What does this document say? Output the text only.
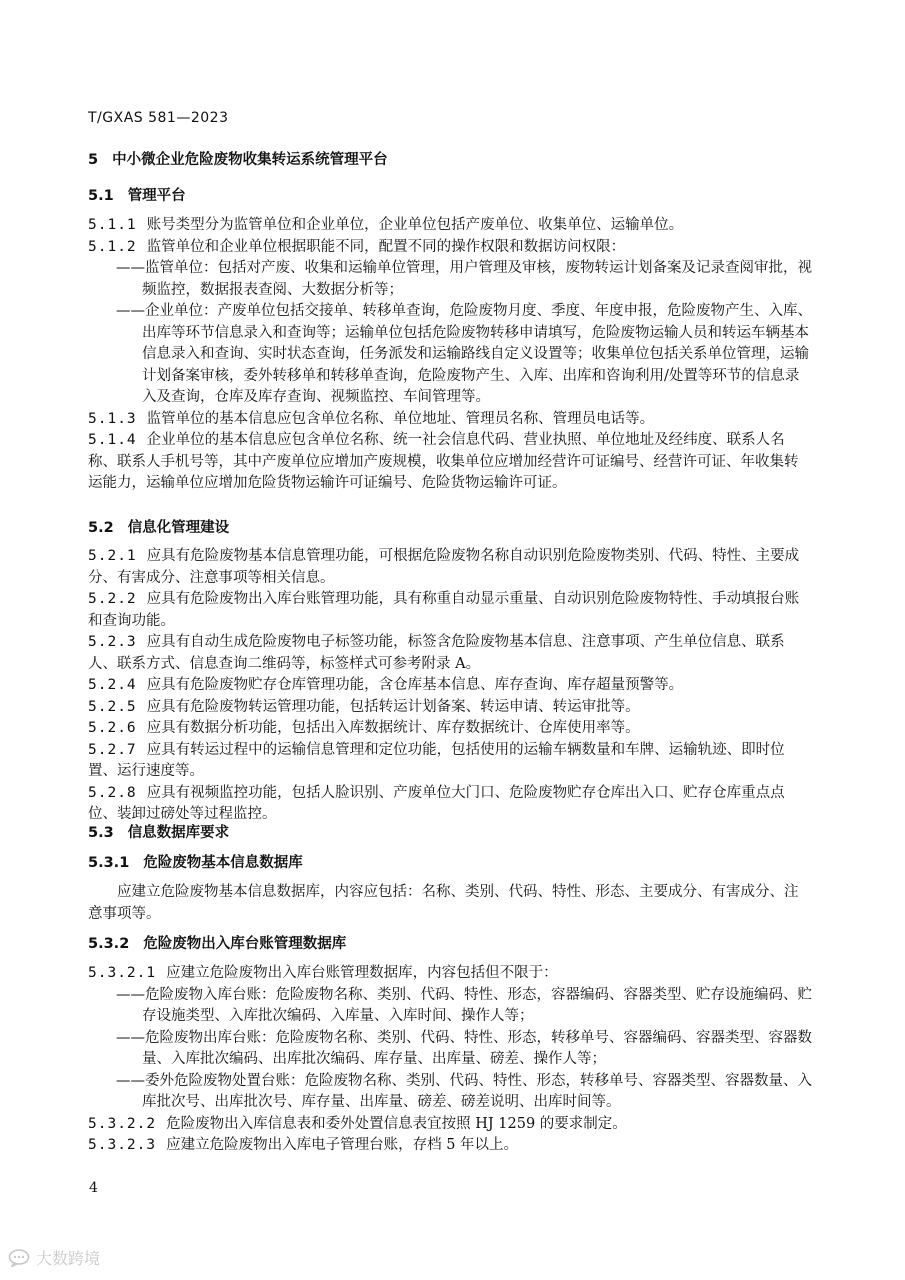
T/GXAS 581—2023
5 中小微企业危险废物收集转运系统管理平台
5.1 管理平台

5.1.1 账号类型分为监管单位和企业单位，企业单位包括产废单位、收集单位、运输单位。

5.1.2 监管单位和企业单位根据职能不同，配置不同的操作权限和数据访问权限：

——监管单位：包括对产废、收集和运输单位管理，用户管理及审核，废物转运计划备案及记录查阅审批，视频监控，数据报表查阅、大数据分析等；

——企业单位：产废单位包括交接单、转移单查询，危险废物月度、季度、年度申报，危险废物产生、入库、出库等环节信息录入和查询等；运输单位包括危险废物转移申请填写，危险废物运输人员和转运车辆基本信息录入和查询、实时状态查询，任务派发和运输路线自定义设置等；收集单位包括关系单位管理，运输计划备案审核，委外转移单和转移单查询，危险废物产生、入库、出库和咨询利用/处置等环节的信息录入及查询，仓库及库存查询、视频监控、车间管理等。

5.1.3 监管单位的基本信息应包含单位名称、单位地址、管理员名称、管理员电话等。

5.1.4 企业单位的基本信息应包含单位名称、统一社会信息代码、营业执照、单位地址及经纬度、联系人名称、联系人手机号等，其中产废单位应增加产废规模，收集单位应增加经营许可证编号、经营许可证、年收集转运能力，运输单位应增加危险货物运输许可证编号、危险货物运输许可证。

5.2 信息化管理建设

5.2.1 应具有危险废物基本信息管理功能，可根据危险废物名称自动识别危险废物类别、代码、特性、主要成分、有害成分、注意事项等相关信息。

5.2.2 应具有危险废物出入库台账管理功能，具有称重自动显示重量、自动识别危险废物特性、手动填报台账和查询功能。

5.2.3 应具有自动生成危险废物电子标签功能，标签含危险废物基本信息、注意事项、产生单位信息、联系人、联系方式、信息查询二维码等，标签样式可参考附录 A。

5.2.4 应具有危险废物贮存仓库管理功能，含仓库基本信息、库存查询、库存超量预警等。

5.2.5 应具有危险废物转运管理功能，包括转运计划备案、转运申请、转运审批等。

5.2.6 应具有数据分析功能，包括出入库数据统计、库存数据统计、仓库使用率等。

5.2.7 应具有转运过程中的运输信息管理和定位功能，包括使用的运输车辆数量和车牌、运输轨迹、即时位置、运行速度等。

5.2.8 应具有视频监控功能，包括人脸识别、产废单位大门口、危险废物贮存仓库出入口、贮存仓库重点点位、装卸过磅处等过程监控。

5.3 信息数据库要求
5.3.1 危险废物基本信息数据库

应建立危险废物基本信息数据库，内容应包括：名称、类别、代码、特性、形态、主要成分、有害成分、注意事项等。

5.3.2 危险废物出入库台账管理数据库

5.3.2.1 应建立危险废物出入库台账管理数据库，内容包括但不限于：

——危险废物入库台账：危险废物名称、类别、代码、特性、形态，容器编码、容器类型、贮存设施编码、贮存设施类型、入库批次编码、入库量、入库时间、操作人等；

——危险废物出库台账：危险废物名称、类别、代码、特性、形态，转移单号、容器编码、容器类型、容器数量、入库批次编码、出库批次编码、库存量、出库量、磅差、操作人等；

——委外危险废物处置台账：危险废物名称、类别、代码、特性、形态，转移单号、容器类型、容器数量、入库批次号、出库批次号、库存量、出库量、磅差、磅差说明、出库时间等。

5.3.2.2 危险废物出入库信息表和委外处置信息表宜按照 HJ 1259 的要求制定。

5.3.2.3 应建立危险废物出入库电子管理台账，存档 5 年以上。

4
大数跨境
